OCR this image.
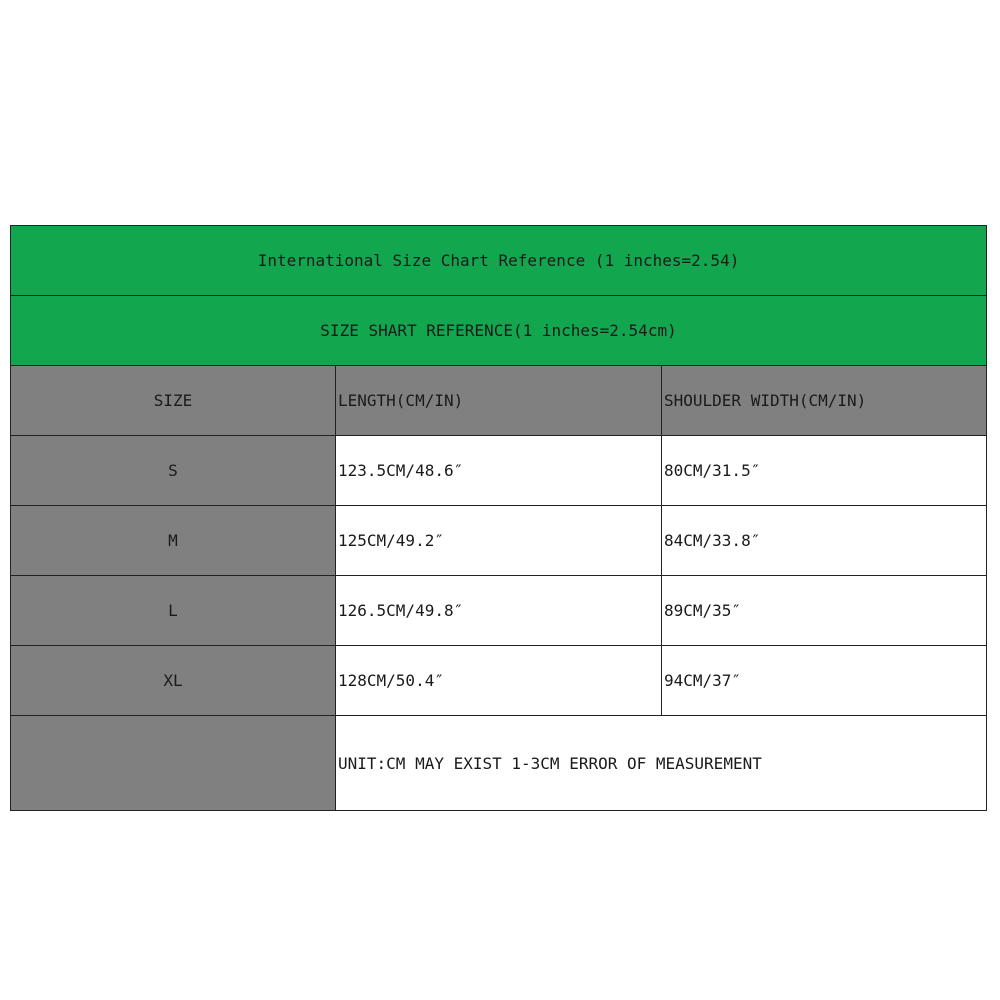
International Size Chart Reference (1 inches=2.54)		
SIZE SHART REFERENCE(1 inches=2.54cm)		
SIZE	LENGTH(CM/IN)	SHOULDER WIDTH(CM/IN)
S	123.5CM/48.6″	80CM/31.5″
M	125CM/49.2″	84CM/33.8″
L	126.5CM/49.8″	89CM/35″
XL	128CM/50.4″	94CM/37″
	UNIT:CM MAY EXIST 1-3CM ERROR OF MEASUREMENT	
